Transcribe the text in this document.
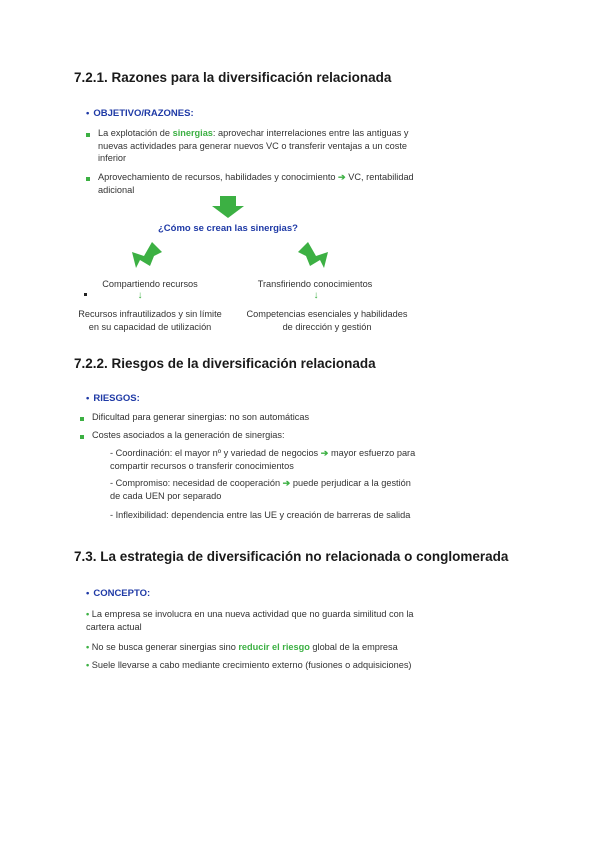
7.2.1. Razones para la diversificación relacionada
• OBJETIVO/RAZONES:
La explotación de sinergias: aprovechar interrelaciones entre las antiguas y
nuevas actividades para generar nuevos VC o transferir ventajas a un coste
inferior
Aprovechamiento de recursos, habilidades y conocimiento ➔ VC, rentabilidad
adicional
¿Cómo se crean las sinergias?
Compartiendo recursos	Transfiriendo conocimientos
↓	↓
Recursos infrautilizados y sin límite
en su capacidad de utilización
Competencias esenciales y habilidades
de dirección y gestión
7.2.2. Riesgos de la diversificación relacionada
• RIESGOS:
Dificultad para generar sinergias: no son automáticas
Costes asociados a la generación de sinergias:
- Coordinación: el mayor nº y variedad de negocios ➔ mayor esfuerzo para
compartir recursos o transferir conocimientos
- Compromiso: necesidad de cooperación ➔ puede perjudicar a la gestión
de cada UEN por separado
- Inflexibilidad: dependencia entre las UE y creación de barreras de salida
7.3. La estrategia de diversificación no relacionada o conglomerada
• CONCEPTO:
• La empresa se involucra en una nueva actividad que no guarda similitud con la
cartera actual
• No se busca generar sinergias sino reducir el riesgo global de la empresa
• Suele llevarse a cabo mediante crecimiento externo (fusiones o adquisiciones)
